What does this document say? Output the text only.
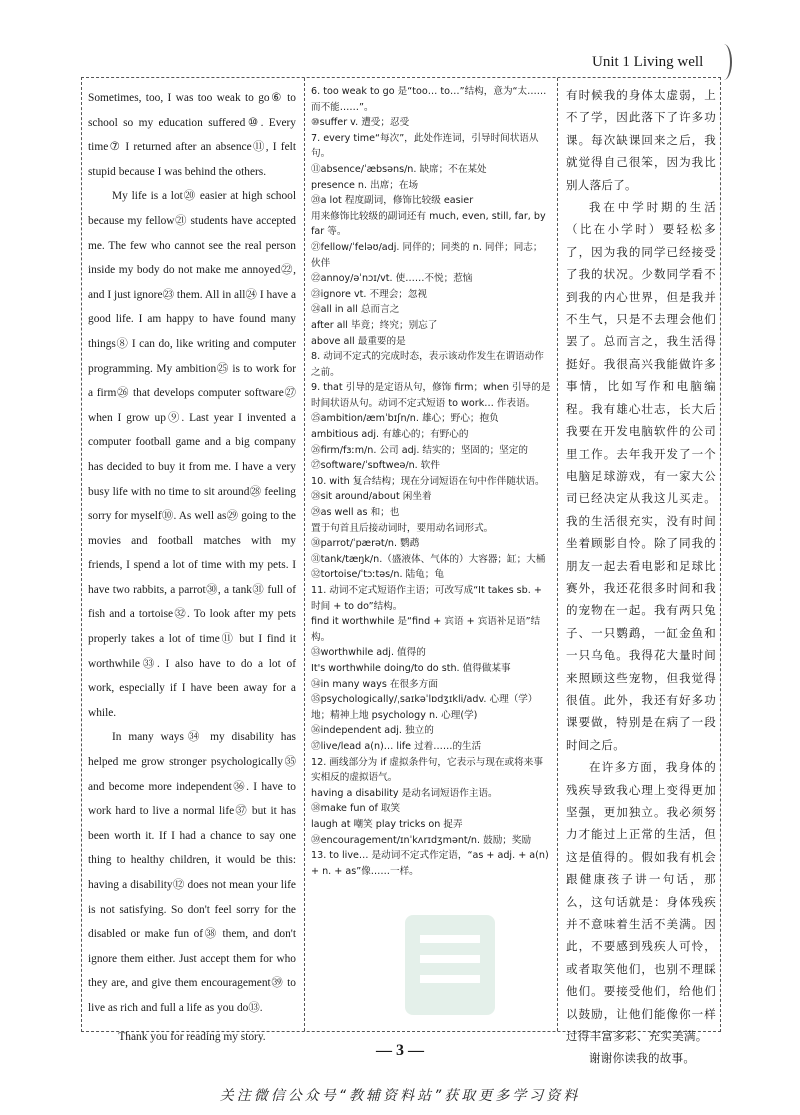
Unit 1 Living well

Sometimes, too, I was too weak to go⑥ to school so my education suffered⑩. Every time⑦ I returned after an absence⑪, I felt stupid because I was behind the others.

My life is a lot⑳ easier at high school because my fellow㉑ students have accepted me. The few who cannot see the real person inside my body do not make me annoyed㉒, and I just ignore㉓ them. All in all㉔ I have a good life. I am happy to have found many things⑧ I can do, like writing and computer programming. My ambition㉕ is to work for a firm㉖ that develops computer software㉗ when I grow up⑨. Last year I invented a computer football game and a big company has decided to buy it from me. I have a very busy life with no time to sit around㉘ feeling sorry for myself⑩. As well as㉙ going to the movies and football matches with my friends, I spend a lot of time with my pets. I have two rabbits, a parrot㉚, a tank㉛ full of fish and a tortoise㉜. To look after my pets properly takes a lot of time⑪ but I find it worthwhile㉝. I also have to do a lot of work, especially if I have been away for a while.

In many ways㉞ my disability has helped me grow stronger psychologically㉟ and become more independent㊱. I have to work hard to live a normal life㊲ but it has been worth it. If I had a chance to say one thing to healthy children, it would be this: having a disability⑫ does not mean your life is not satisfying. So don't feel sorry for the disabled or make fun of㊳ them, and don't ignore them either. Just accept them for who they are, and give them encouragement㊴ to live as rich and full a life as you do⑬.

Thank you for reading my story.

6. too weak to go 是“too… to…”结构，意为“太……而不能……”。

⑩suffer v. 遭受；忍受

7. every time“每次”，此处作连词，引导时间状语从句。

⑪absence/ˈæbsəns/n. 缺席；不在某处

presence n. 出席；在场

⑳a lot 程度副词，修饰比较级 easier

用来修饰比较级的副词还有 much, even, still, far, by far 等。

㉑fellow/ˈfeləʊ/adj. 同伴的；同类的 n. 同伴；同志；伙伴

㉒annoy/əˈnɔɪ/vt. 使……不悦；惹恼

㉓ignore vt. 不理会；忽视

㉔all in all 总而言之

after all 毕竟；终究；别忘了

above all 最重要的是

8. 动词不定式的完成时态，表示该动作发生在谓语动作之前。

9. that 引导的是定语从句，修饰 firm；when 引导的是时间状语从句。动词不定式短语 to work… 作表语。

㉕ambition/æmˈbɪʃn/n. 雄心；野心；抱负

ambitious adj. 有雄心的；有野心的

㉖firm/fɜːm/n. 公司 adj. 结实的；坚固的；坚定的

㉗software/ˈsɒftweə/n. 软件

10. with 复合结构；现在分词短语在句中作伴随状语。

㉘sit around/about 闲坐着

㉙as well as 和；也

置于句首且后接动词时，要用动名词形式。

㉚parrot/ˈpærət/n. 鹦鹉

㉛tank/tæŋk/n.（盛液体、气体的）大容器；缸；大桶

㉜tortoise/ˈtɔːtəs/n. 陆龟；龟

11. 动词不定式短语作主语；可改写成“It takes sb. + 时间 + to do”结构。

find it worthwhile 是“find + 宾语 + 宾语补足语”结构。

㉝worthwhile adj. 值得的

It's worthwhile doing/to do sth. 值得做某事

㉞in many ways 在很多方面

㉟psychologically/ˌsaɪkəˈlɒdʒɪkli/adv. 心理（学）地；精神上地 psychology n. 心理(学)

㊱independent adj. 独立的

㊲live/lead a(n)… life 过着……的生活

12. 画线部分为 if 虚拟条件句，它表示与现在或将来事实相反的虚拟语气。

having a disability 是动名词短语作主语。

㊳make fun of 取笑

laugh at 嘲笑 play tricks on 捉弄

㊴encouragement/ɪnˈkʌrɪdʒmənt/n. 鼓励；奖励

13. to live… 是动词不定式作定语，“as + adj. + a(n) + n. + as”像……一样。

有时候我的身体太虚弱，上不了学，因此落下了许多功课。每次缺课回来之后，我就觉得自己很笨，因为我比别人落后了。

我在中学时期的生活（比在小学时）要轻松多了，因为我的同学已经接受了我的状况。少数同学看不到我的内心世界，但是我并不生气，只是不去理会他们罢了。总而言之，我生活得挺好。我很高兴我能做许多事情，比如写作和电脑编程。我有雄心壮志，长大后我要在开发电脑软件的公司里工作。去年我开发了一个电脑足球游戏，有一家大公司已经决定从我这儿买走。我的生活很充实，没有时间坐着顾影自怜。除了同我的朋友一起去看电影和足球比赛外，我还花很多时间和我的宠物在一起。我有两只兔子、一只鹦鹉，一缸金鱼和一只乌龟。我得花大量时间来照顾这些宠物，但我觉得很值。此外，我还有好多功课要做，特别是在病了一段时间之后。

在许多方面，我身体的残疾导致我心理上变得更加坚强，更加独立。我必须努力才能过上正常的生活，但这是值得的。假如我有机会跟健康孩子讲一句话，那么，这句话就是：身体残疾并不意味着生活不美满。因此，不要感到残疾人可怜，或者取笑他们，也别不理睬他们。要接受他们，给他们以鼓励，让他们能像你一样过得丰富多彩、充实美满。

谢谢你读我的故事。

— 3 —
关注微信公众号“教辅资料站”获取更多学习资料
